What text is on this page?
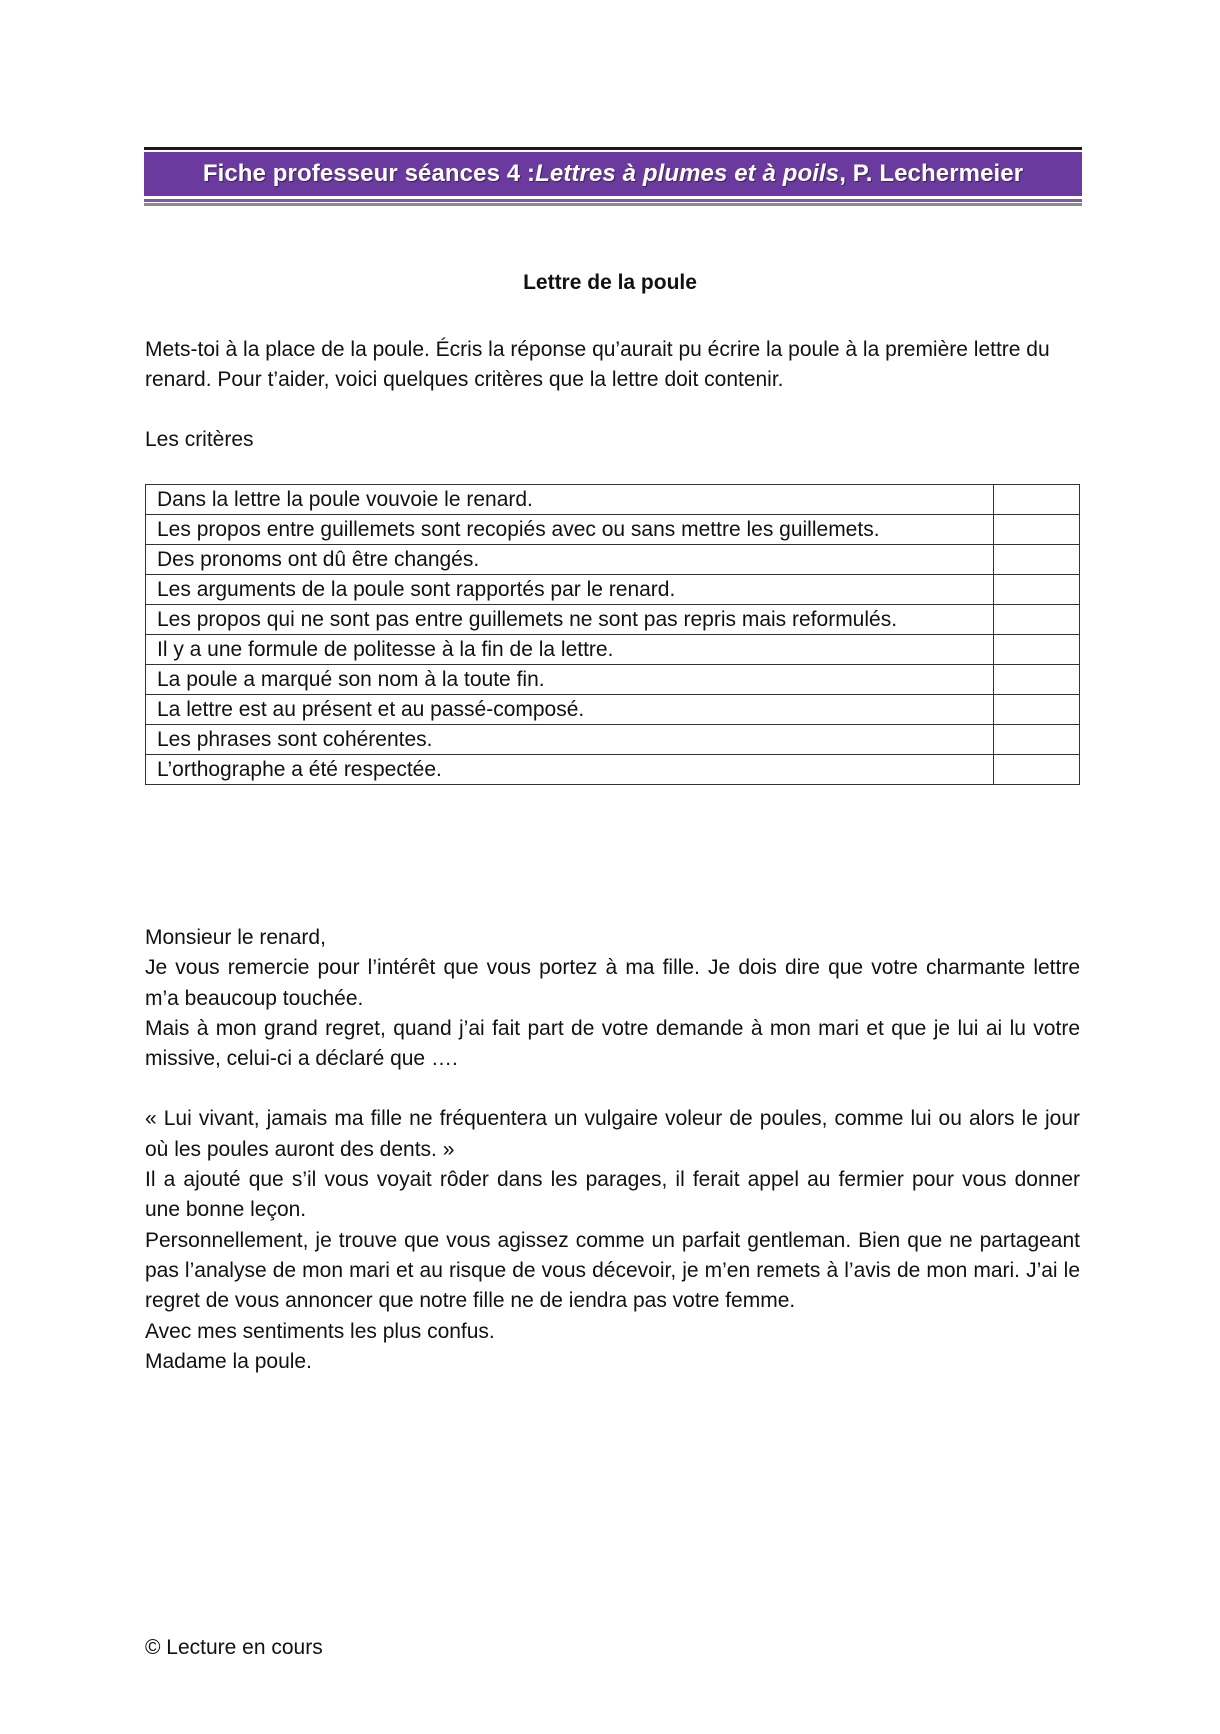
Fiche professeur séances 4 : Lettres à plumes et à poils , P. Lechermeier
Lettre de la poule

Mets-toi à la place de la poule. Écris la réponse qu’aurait pu écrire la poule à la première lettre du renard. Pour t’aider, voici quelques critères que la lettre doit contenir.

Les critères

Dans la lettre la poule vouvoie le renard.	
Les propos entre guillemets sont recopiés avec ou sans mettre les guillemets.	
Des pronoms ont dû être changés.	
Les arguments de la poule sont rapportés par le renard.	
Les propos qui ne sont pas entre guillemets ne sont pas repris mais reformulés.	
Il y a une formule de politesse à la fin de la lettre.	
La poule a marqué son nom à la toute fin.	
La lettre est au présent et au passé-composé.	
Les phrases sont cohérentes.	
L’orthographe a été respectée.	

Monsieur le renard,

Je vous remercie pour l’intérêt que vous portez à ma fille. Je dois dire que votre charmante lettre m’a beaucoup touchée.

Mais à mon grand regret, quand j’ai fait part de votre demande à mon mari et que je lui ai lu votre missive, celui-ci a déclaré que ….

« Lui vivant, jamais ma fille ne fréquentera un vulgaire voleur de poules, comme lui ou alors le jour où les poules auront des dents. »

Il a ajouté que s’il vous voyait rôder dans les parages, il ferait appel au fermier pour vous donner une bonne leçon.

Personnellement, je trouve que vous agissez comme un parfait gentleman. Bien que ne partageant pas l’analyse de mon mari et au risque de vous décevoir, je m’en remets à l’avis de mon mari. J’ai le regret de vous annoncer que notre fille ne de iendra pas votre femme.

Avec mes sentiments les plus confus.

Madame la poule.

© Lecture en cours
